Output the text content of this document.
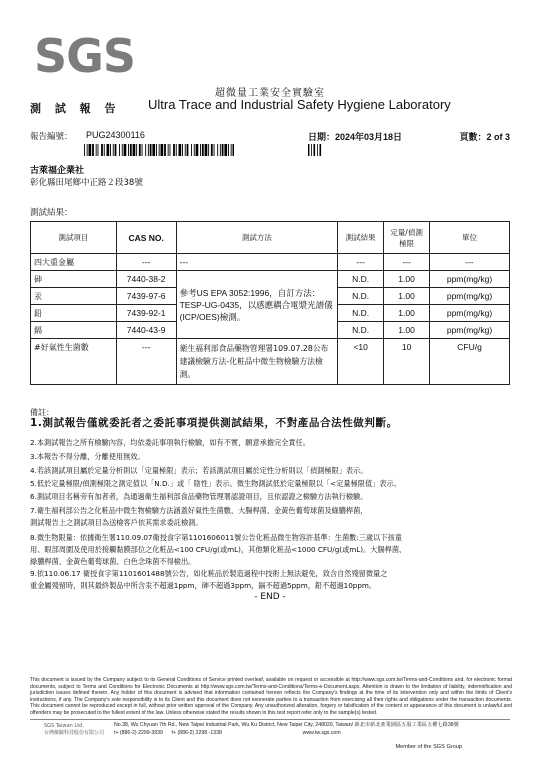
SGS
超微量工業安全實驗室
測 試 報 告 Ultra Trace and Industrial Safety Hygiene Laboratory
報告編號： PUG24300116	日期：2024年03月18日	頁數：2 of 3
古萊福企業社
彰化縣田尾鄉中正路２段38號
測試結果：
測試項目	CAS NO.	測試方法	測試結果	定量/偵測極限	單位
四大重金屬	---	---	---	---	---
砷	7440-38-2	參考US EPA 3052:1996，自訂方法：TESP-UG-0435，以感應耦合電漿光譜儀(ICP/OES)檢測。	N.D.	1.00	ppm(mg/kg)
汞	7439-97-6		N.D.	1.00	ppm(mg/kg)
鉛	7439-92-1		N.D.	1.00	ppm(mg/kg)
鎘	7440-43-9		N.D.	1.00	ppm(mg/kg)
#好氣性生菌數	---	衛生福利部食品藥物管理署109.07.28公布建議檢驗方法-化粧品中微生物檢驗方法檢測。	<10	10	CFU/g
備註：
1.測試報告僅就委託者之委託事項提供測試結果，不對產品合法性做判斷。
2.本測試報告之所有檢驗內容，均依委託事項執行檢驗，如有不實，願意承擔完全責任。
3.本報告不得分離，分離使用無效。
4.若該測試項目屬於定量分析則以「定量極限」表示；若該測試項目屬於定性分析則以「偵測極限」表示。
5.低於定量極限/偵測極限之測定值以「N.D.」或「 陰性」表示。微生物測試低於定量極限以「<定量極限值」表示。
6.測試項目名稱旁有加者者，為通過衛生福利部食品藥物管理署認證項目，且依認證之檢驗方法執行檢驗。
7.衛生福利部公告之化粧品中微生物檢驗方法涵蓋好氣性生菌數、大腸桿菌、金黃色葡萄球菌及綠膿桿菌，
測試報告上之測試項目為送檢客戶依其需求委託檢測。
8.微生物限量：依據衛生署110.09.07衛授食字第1101606011號公告化粧品微生物容許基準：生菌數:三歲以下孩童
用、眼部周圍及使用於接觸黏膜部位之化粧品<100 CFU/g(或mL)，其他類化粧品<1000 CFU/g(或mL)。大腸桿菌、
綠膿桿菌、金黃色葡萄球菌、白色念珠菌不得檢出。
9.依110.06.17 衛授食字第1101601488號公告，如化粧品於製造過程中技術上無法避免，致含自然殘留微量之
重金屬殘留時，則其最終製品中所含汞不超過1ppm，砷不超過3ppm，鎘不超過5ppm，鉛不超過10ppm。
- END -
This document is issued by the Company subject to its General Conditions of Service printed overleaf, available on request or accessible at http://www.sgs.com.tw/Terms-and-Conditions and, for electronic format documents, subject to Terms and Conditions for Electronic Documents at http://www.sgs.com.tw/Terms-and-Conditions/Terms-e-Document.aspx. Attention is drawn to the limitation of liability, indemnification and jurisdiction issues defined therein. Any holder of this document is advised that information contained hereon reflects the Company's findings at the time of its intervention only and within the limits of Client's instructions, if any. The Company's sole responsibility is to its Client and this document does not exonerate parties to a transaction from exercising all their rights and obligations under the transaction documents. This document cannot be reproduced except in full, without prior written approval of the Company. Any unauthorized alteration, forgery or falsification of the content or appearance of this document is unlawful and offenders may be prosecuted to the fullest extent of the law. Unless otherwise stated the results shown in this test report refer only to the sample(s) tested.
SGS Taiwan Ltd.
台灣檢驗科技股份有限公司
No.38, Wu Chyuan 7th Rd., New Taipei Industrial Park, Wu Ku District, New Taipei City, 248020, Taiwan/ 新北市新北產業園區五股工業區五權七路38號
t+ (886-2) 2299-3939 f+ (886-2) 2298 -1338	www.tw.sgs.com
Member of the SGS Group
